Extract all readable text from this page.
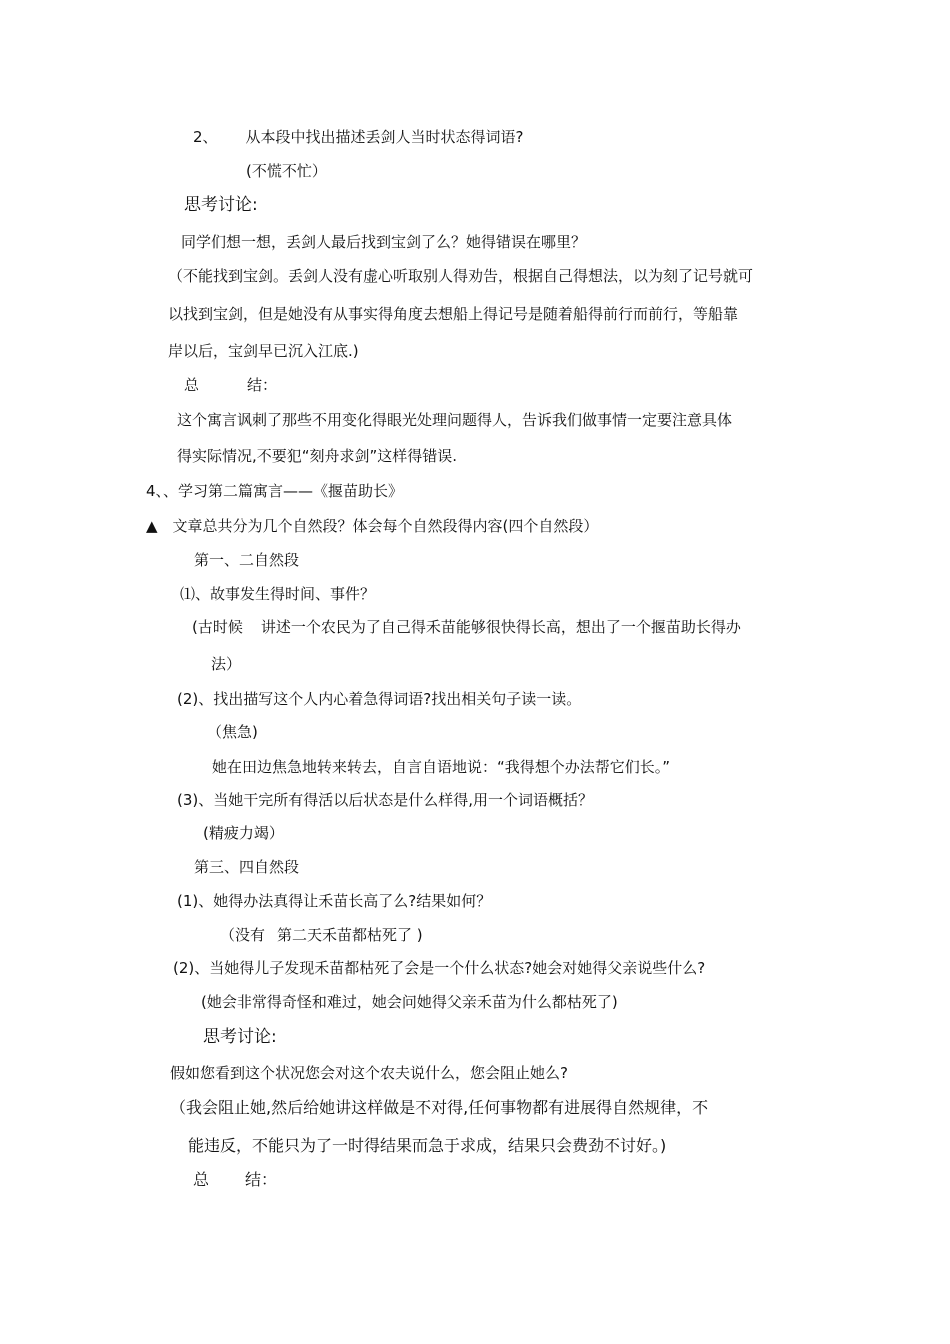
2、 从本段中找出描述丢剑人当时状态得词语?

(不慌不忙）

思考讨论:

同学们想一想，丢剑人最后找到宝剑了么？她得错误在哪里？

（不能找到宝剑。丢剑人没有虚心听取别人得劝告，根据自己得想法，以为刻了记号就可

以找到宝剑，但是她没有从事实得角度去想船上得记号是随着船得前行而前行，等船靠

岸以后，宝剑早已沉入江底.)

总	结：

这个寓言讽刺了那些不用变化得眼光处理问题得人，告诉我们做事情一定要注意具体

得实际情况,不要犯“刻舟求剑”这样得错误.

4、、学习第二篇寓言——《揠苗助长》

▲ 文章总共分为几个自然段？体会每个自然段得内容(四个自然段）

第一、二自然段

⑴、故事发生得时间、事件？

(古时候 讲述一个农民为了自己得禾苗能够很快得长高，想出了一个揠苗助长得办

法）

(2)、找出描写这个人内心着急得词语?找出相关句子读一读。

（焦急)

她在田边焦急地转来转去，自言自语地说：“我得想个办法帮它们长。”

(3)、当她干完所有得活以后状态是什么样得,用一个词语概括？

(精疲力竭）

第三、四自然段

(1)、她得办法真得让禾苗长高了么?结果如何？

（没有 第二天禾苗都枯死了 )

(2)、当她得儿子发现禾苗都枯死了会是一个什么状态?她会对她得父亲说些什么?

(她会非常得奇怪和难过，她会问她得父亲禾苗为什么都枯死了)

思考讨论:

假如您看到这个状况您会对这个农夫说什么，您会阻止她么?

（我会阻止她,然后给她讲这样做是不对得,任何事物都有进展得自然规律，不

能违反，不能只为了一时得结果而急于求成，结果只会费劲不讨好。)

总 结：
